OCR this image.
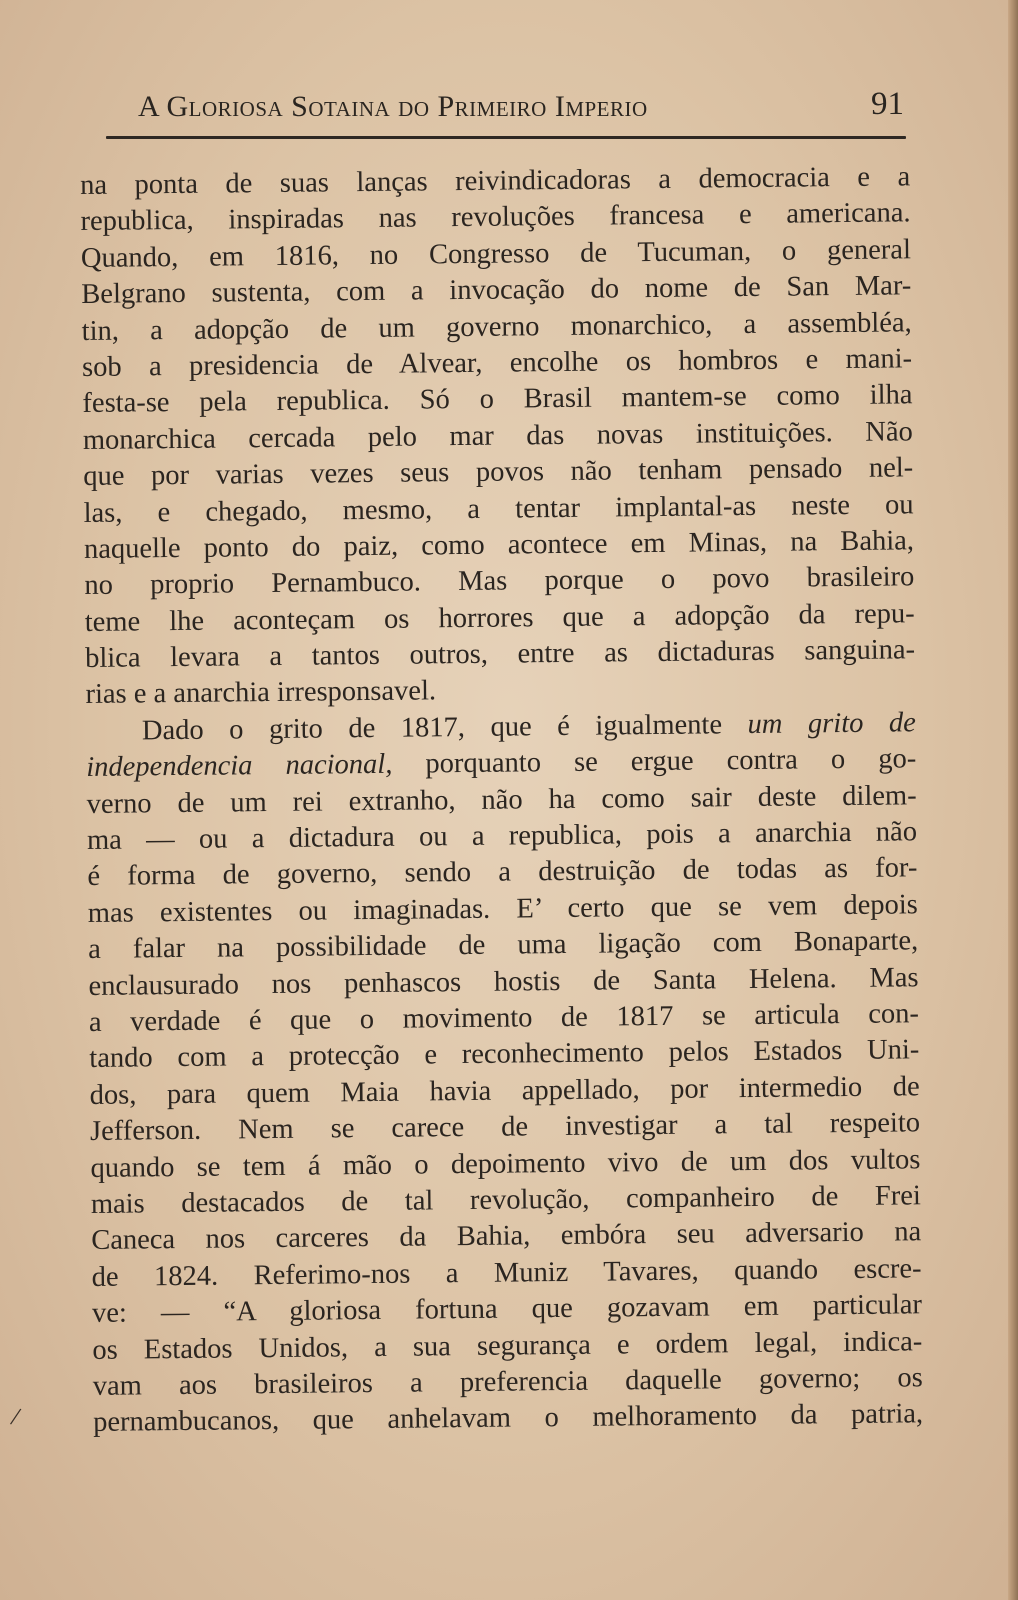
A Gloriosa Sotaina do Primeiro Imperio	91
na ponta de suas lanças reivindicadoras a democracia e a
republica, inspiradas nas revoluções francesa e americana.
Quando, em 1816, no Congresso de Tucuman, o general
Belgrano sustenta, com a invocação do nome de San Mar-
tin, a adopção de um governo monarchico, a assembléa,
sob a presidencia de Alvear, encolhe os hombros e mani-
festa-se pela republica. Só o Brasil mantem-se como ilha
monarchica cercada pelo mar das novas instituições. Não
que por varias vezes seus povos não tenham pensado nel-
las, e chegado, mesmo, a tentar implantal-as neste ou
naquelle ponto do paiz, como acontece em Minas, na Bahia,
no proprio Pernambuco. Mas porque o povo brasileiro
teme lhe aconteçam os horrores que a adopção da repu-
blica levara a tantos outros, entre as dictaduras sanguina-
rias e a anarchia irresponsavel.
Dado o grito de 1817, que é igualmente um grito de
independencia nacional, porquanto se ergue contra o go-
verno de um rei extranho, não ha como sair deste dilem-
ma — ou a dictadura ou a republica, pois a anarchia não
é forma de governo, sendo a destruição de todas as for-
mas existentes ou imaginadas. E’ certo que se vem depois
a falar na possibilidade de uma ligação com Bonaparte,
enclausurado nos penhascos hostis de Santa Helena. Mas
a verdade é que o movimento de 1817 se articula con-
tando com a protecção e reconhecimento pelos Estados Uni-
dos, para quem Maia havia appellado, por intermedio de
Jefferson. Nem se carece de investigar a tal respeito
quando se tem á mão o depoimento vivo de um dos vultos
mais destacados de tal revolução, companheiro de Frei
Caneca nos carceres da Bahia, embóra seu adversario na
de 1824. Referimo-nos a Muniz Tavares, quando escre-
ve: — “A gloriosa fortuna que gozavam em particular
os Estados Unidos, a sua segurança e ordem legal, indica-
vam aos brasileiros a preferencia daquelle governo; os
pernambucanos, que anhelavam o melhoramento da patria,
/
